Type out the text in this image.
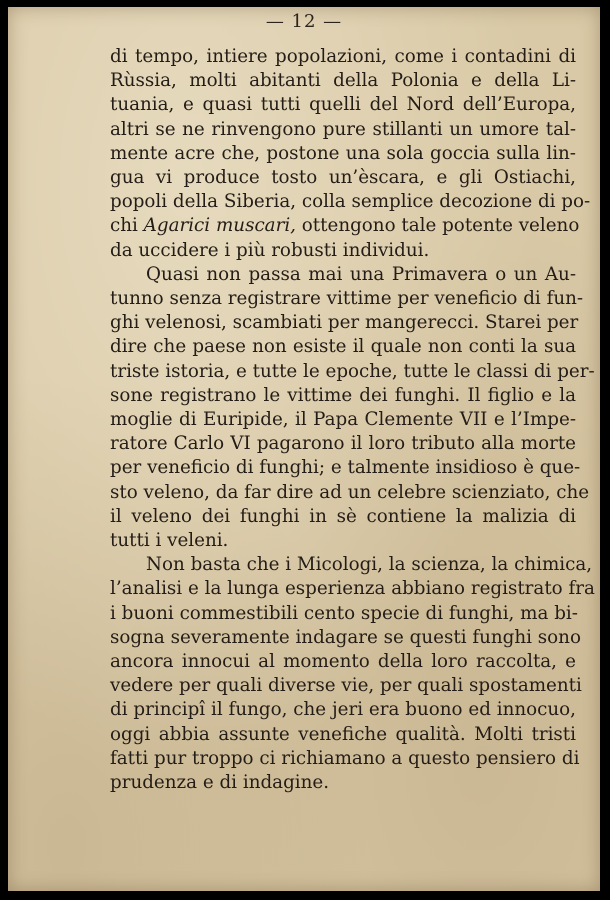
— 12 —
di tempo, intiere popolazioni, come i contadini di
Rùssia, molti abitanti della Polonia e della Li-
tuania, e quasi tutti quelli del Nord dell’Europa,
altri se ne rinvengono pure stillanti un umore tal-
mente acre che, postone una sola goccia sulla lin-
gua vi produce tosto un’èscara, e gli Ostiachi,
popoli della Siberia, colla semplice decozione di po-
chi Agarici muscari, ottengono tale potente veleno
da uccidere i più robusti individui.
Quasi non passa mai una Primavera o un Au-
tunno senza registrare vittime per veneficio di fun-
ghi velenosi, scambiati per mangerecci. Starei per
dire che paese non esiste il quale non conti la sua
triste istoria, e tutte le epoche, tutte le classi di per-
sone registrano le vittime dei funghi. Il figlio e la
moglie di Euripide, il Papa Clemente VII e l’Impe-
ratore Carlo VI pagarono il loro tributo alla morte
per veneficio di funghi; e talmente insidioso è que-
sto veleno, da far dire ad un celebre scienziato, che
il veleno dei funghi in sè contiene la malizia di
tutti i veleni.
Non basta che i Micologi, la scienza, la chimica,
l’analisi e la lunga esperienza abbiano registrato fra
i buoni commestibili cento specie di funghi, ma bi-
sogna severamente indagare se questi funghi sono
ancora innocui al momento della loro raccolta, e
vedere per quali diverse vie, per quali spostamenti
di principî il fungo, che jeri era buono ed innocuo,
oggi abbia assunte venefiche qualità. Molti tristi
fatti pur troppo ci richiamano a questo pensiero di
prudenza e di indagine.
